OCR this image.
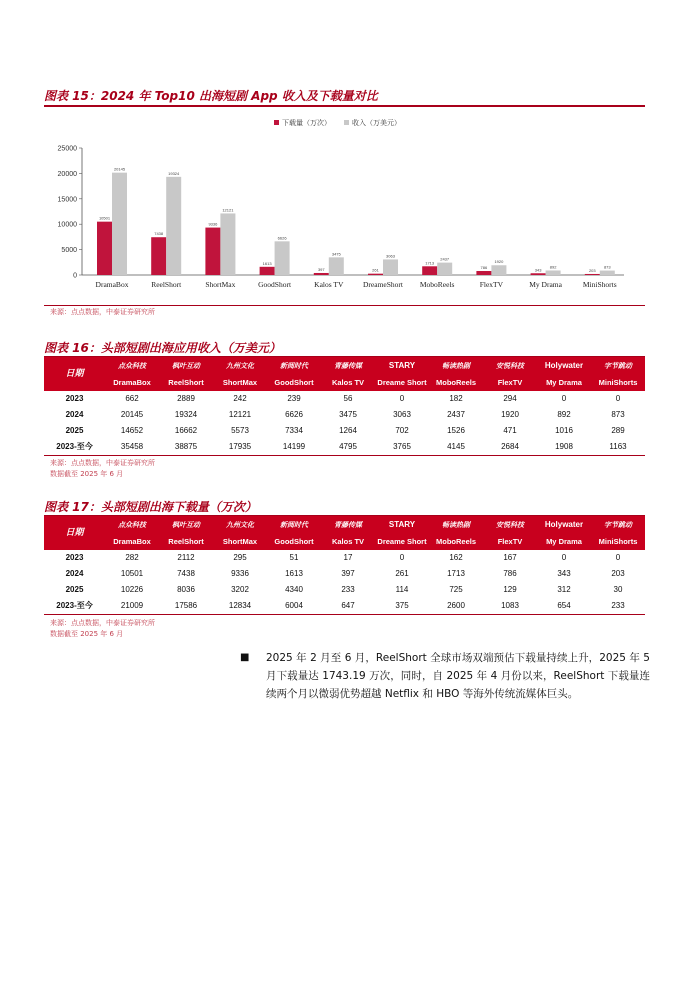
图表 15：2024 年 Top10 出海短剧 App 收入及下载量对比
0
5000
10000
15000
20000
25000
下载量（万次）	收入（万美元）
10501
20145
DramaBox
7438
19324
ReelShort
9336
12121
ShortMax
1613
6626
GoodShort
397
3475
Kalos TV
261
3063
DreameShort
1713
2437
MoboReels
786
1920
FlexTV
343
892
My Drama
203
873
MiniShorts
来源：点点数据，中泰证券研究所
图表 16：头部短剧出海应用收入（万美元）
日期	点众科技	枫叶互动	九州文化	新阅时代	青藤传媒	STARY	畅读热剧	安悦科技	Holywater	字节跳动
	DramaBox	ReelShort	ShortMax	GoodShort	Kalos TV	Dreame Short	MoboReels	FlexTV	My Drama	MiniShorts
2023	662	2889	242	239	56	0	182	294	0	0
2024	20145	19324	12121	6626	3475	3063	2437	1920	892	873
2025	14652	16662	5573	7334	1264	702	1526	471	1016	289
2023-至今	35458	38875	17935	14199	4795	3765	4145	2684	1908	1163
来源：点点数据，中泰证券研究所
数据截至 2025 年 6 月
图表 17：头部短剧出海下载量（万次）
日期	点众科技	枫叶互动	九州文化	新阅时代	青藤传媒	STARY	畅读热剧	安悦科技	Holywater	字节跳动
	DramaBox	ReelShort	ShortMax	GoodShort	Kalos TV	Dreame Short	MoboReels	FlexTV	My Drama	MiniShorts
2023	282	2112	295	51	17	0	162	167	0	0
2024	10501	7438	9336	1613	397	261	1713	786	343	203
2025	10226	8036	3202	4340	233	114	725	129	312	30
2023-至今	21009	17586	12834	6004	647	375	2600	1083	654	233
来源：点点数据，中泰证券研究所
数据截至 2025 年 6 月
■ 2025 年 2 月至 6 月，ReelShort 全球市场双端预估下载量持续上升，2025 年 5 月下载量达 1743.19 万次，同时，自 2025 年 4 月份以来，ReelShort 下载量连续两个月以微弱优势超越 Netflix 和 HBO 等海外传统流媒体巨头。
